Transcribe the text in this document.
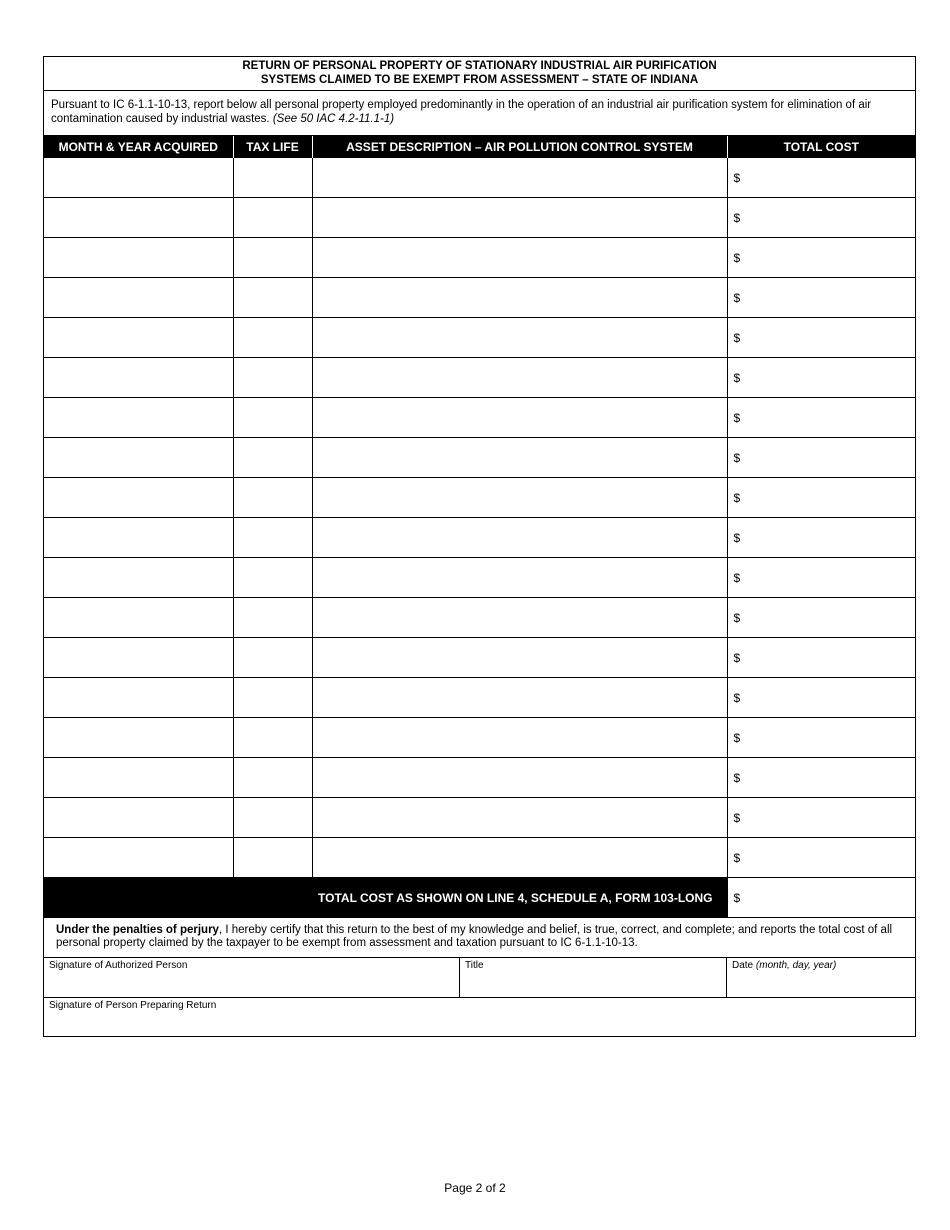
RETURN OF PERSONAL PROPERTY OF STATIONARY INDUSTRIAL AIR PURIFICATION
SYSTEMS CLAIMED TO BE EXEMPT FROM ASSESSMENT – STATE OF INDIANA
Pursuant to IC 6-1.1-10-13, report below all personal property employed predominantly in the operation of an industrial air purification system for elimination of air contamination caused by industrial wastes. (See 50 IAC 4.2-11.1-1)
MONTH & YEAR ACQUIRED	TAX LIFE	ASSET DESCRIPTION – AIR POLLUTION CONTROL SYSTEM	TOTAL COST
			$
			$
			$
			$
			$
			$
			$
			$
			$
			$
			$
			$
			$
			$
			$
			$
			$
			$
TOTAL COST AS SHOWN ON LINE 4, SCHEDULE A, FORM 103-LONG			$
Under the penalties of perjury, I hereby certify that this return to the best of my knowledge and belief, is true, correct, and complete; and reports the total cost of all personal property claimed by the taxpayer to be exempt from assessment and taxation pursuant to IC 6-1.1-10-13.
Signature of Authorized Person	Title	Date (month, day, year)
Signature of Person Preparing Return
Page 2 of 2
